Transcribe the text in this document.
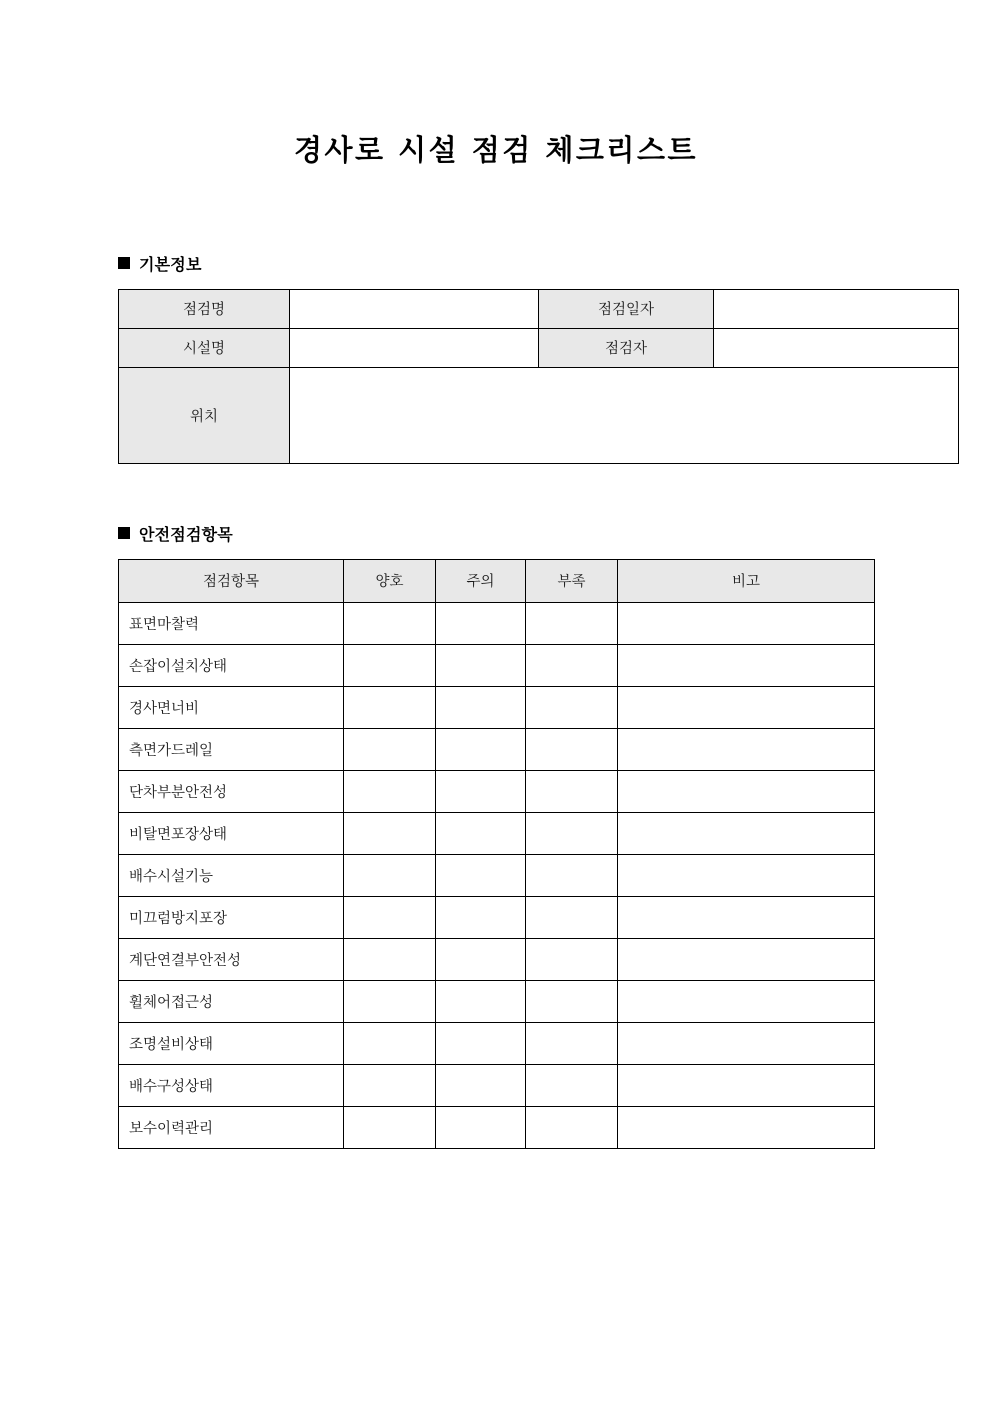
경사로 시설 점검 체크리스트
기본정보
점검명		점검일자	
시설명		점검자	
위치			
안전점검항목
점검항목	양호	주의	부족	비고
표면마찰력				
손잡이설치상태				
경사면너비				
측면가드레일				
단차부분안전성				
비탈면포장상태				
배수시설기능				
미끄럼방지포장				
계단연결부안전성				
휠체어접근성				
조명설비상태				
배수구성상태				
보수이력관리				
